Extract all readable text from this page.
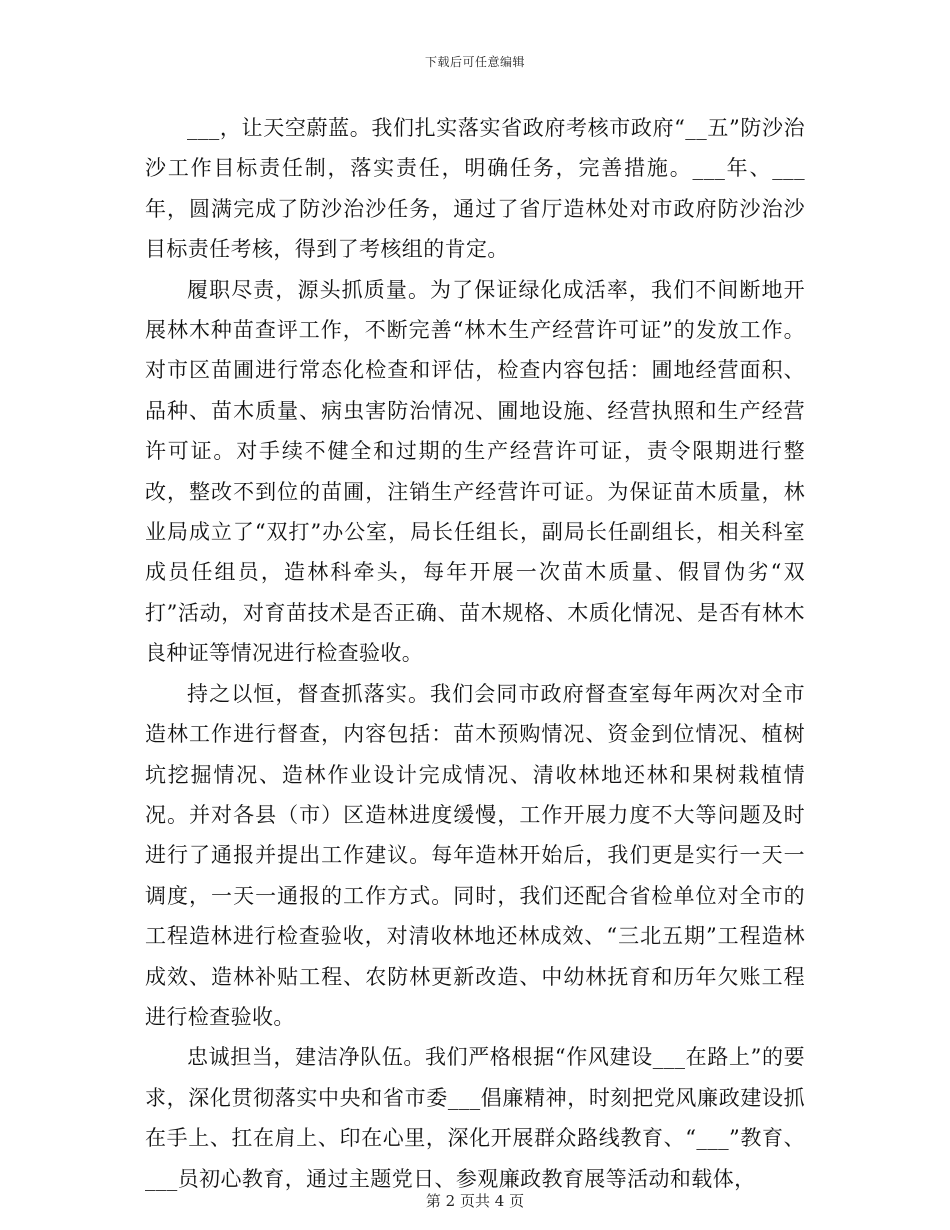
下载后可任意编辑

___，让天空蔚蓝。我们扎实落实省政府考核市政府“__五”防沙治沙工作目标责任制，落实责任，明确任务，完善措施。___年、___年，圆满完成了防沙治沙任务，通过了省厅造林处对市政府防沙治沙目标责任考核，得到了考核组的肯定。

履职尽责，源头抓质量。为了保证绿化成活率，我们不间断地开展林木种苗查评工作，不断完善“林木生产经营许可证”的发放工作。对市区苗圃进行常态化检查和评估，检查内容包括：圃地经营面积、品种、苗木质量、病虫害防治情况、圃地设施、经营执照和生产经营许可证。对手续不健全和过期的生产经营许可证，责令限期进行整改，整改不到位的苗圃，注销生产经营许可证。为保证苗木质量，林业局成立了“双打”办公室，局长任组长，副局长任副组长，相关科室成员任组员，造林科牵头，每年开展一次苗木质量、假冒伪劣“双打”活动，对育苗技术是否正确、苗木规格、木质化情况、是否有林木良种证等情况进行检查验收。

持之以恒，督查抓落实。我们会同市政府督查室每年两次对全市造林工作进行督查，内容包括：苗木预购情况、资金到位情况、植树坑挖掘情况、造林作业设计完成情况、清收林地还林和果树栽植情况。并对各县（市）区造林进度缓慢，工作开展力度不大等问题及时进行了通报并提出工作建议。每年造林开始后，我们更是实行一天一调度，一天一通报的工作方式。同时，我们还配合省检单位对全市的工程造林进行检查验收，对清收林地还林成效、“三北五期”工程造林成效、造林补贴工程、农防林更新改造、中幼林抚育和历年欠账工程进行检查验收。

忠诚担当，建洁净队伍。我们严格根据“作风建设___在路上”的要求，深化贯彻落实中央和省市委___倡廉精神，时刻把党风廉政建设抓在手上、扛在肩上、印在心里，深化开展群众路线教育、“___”教育、___员初心教育，通过主题党日、参观廉政教育展等活动和载体，

第 2 页共 4 页
